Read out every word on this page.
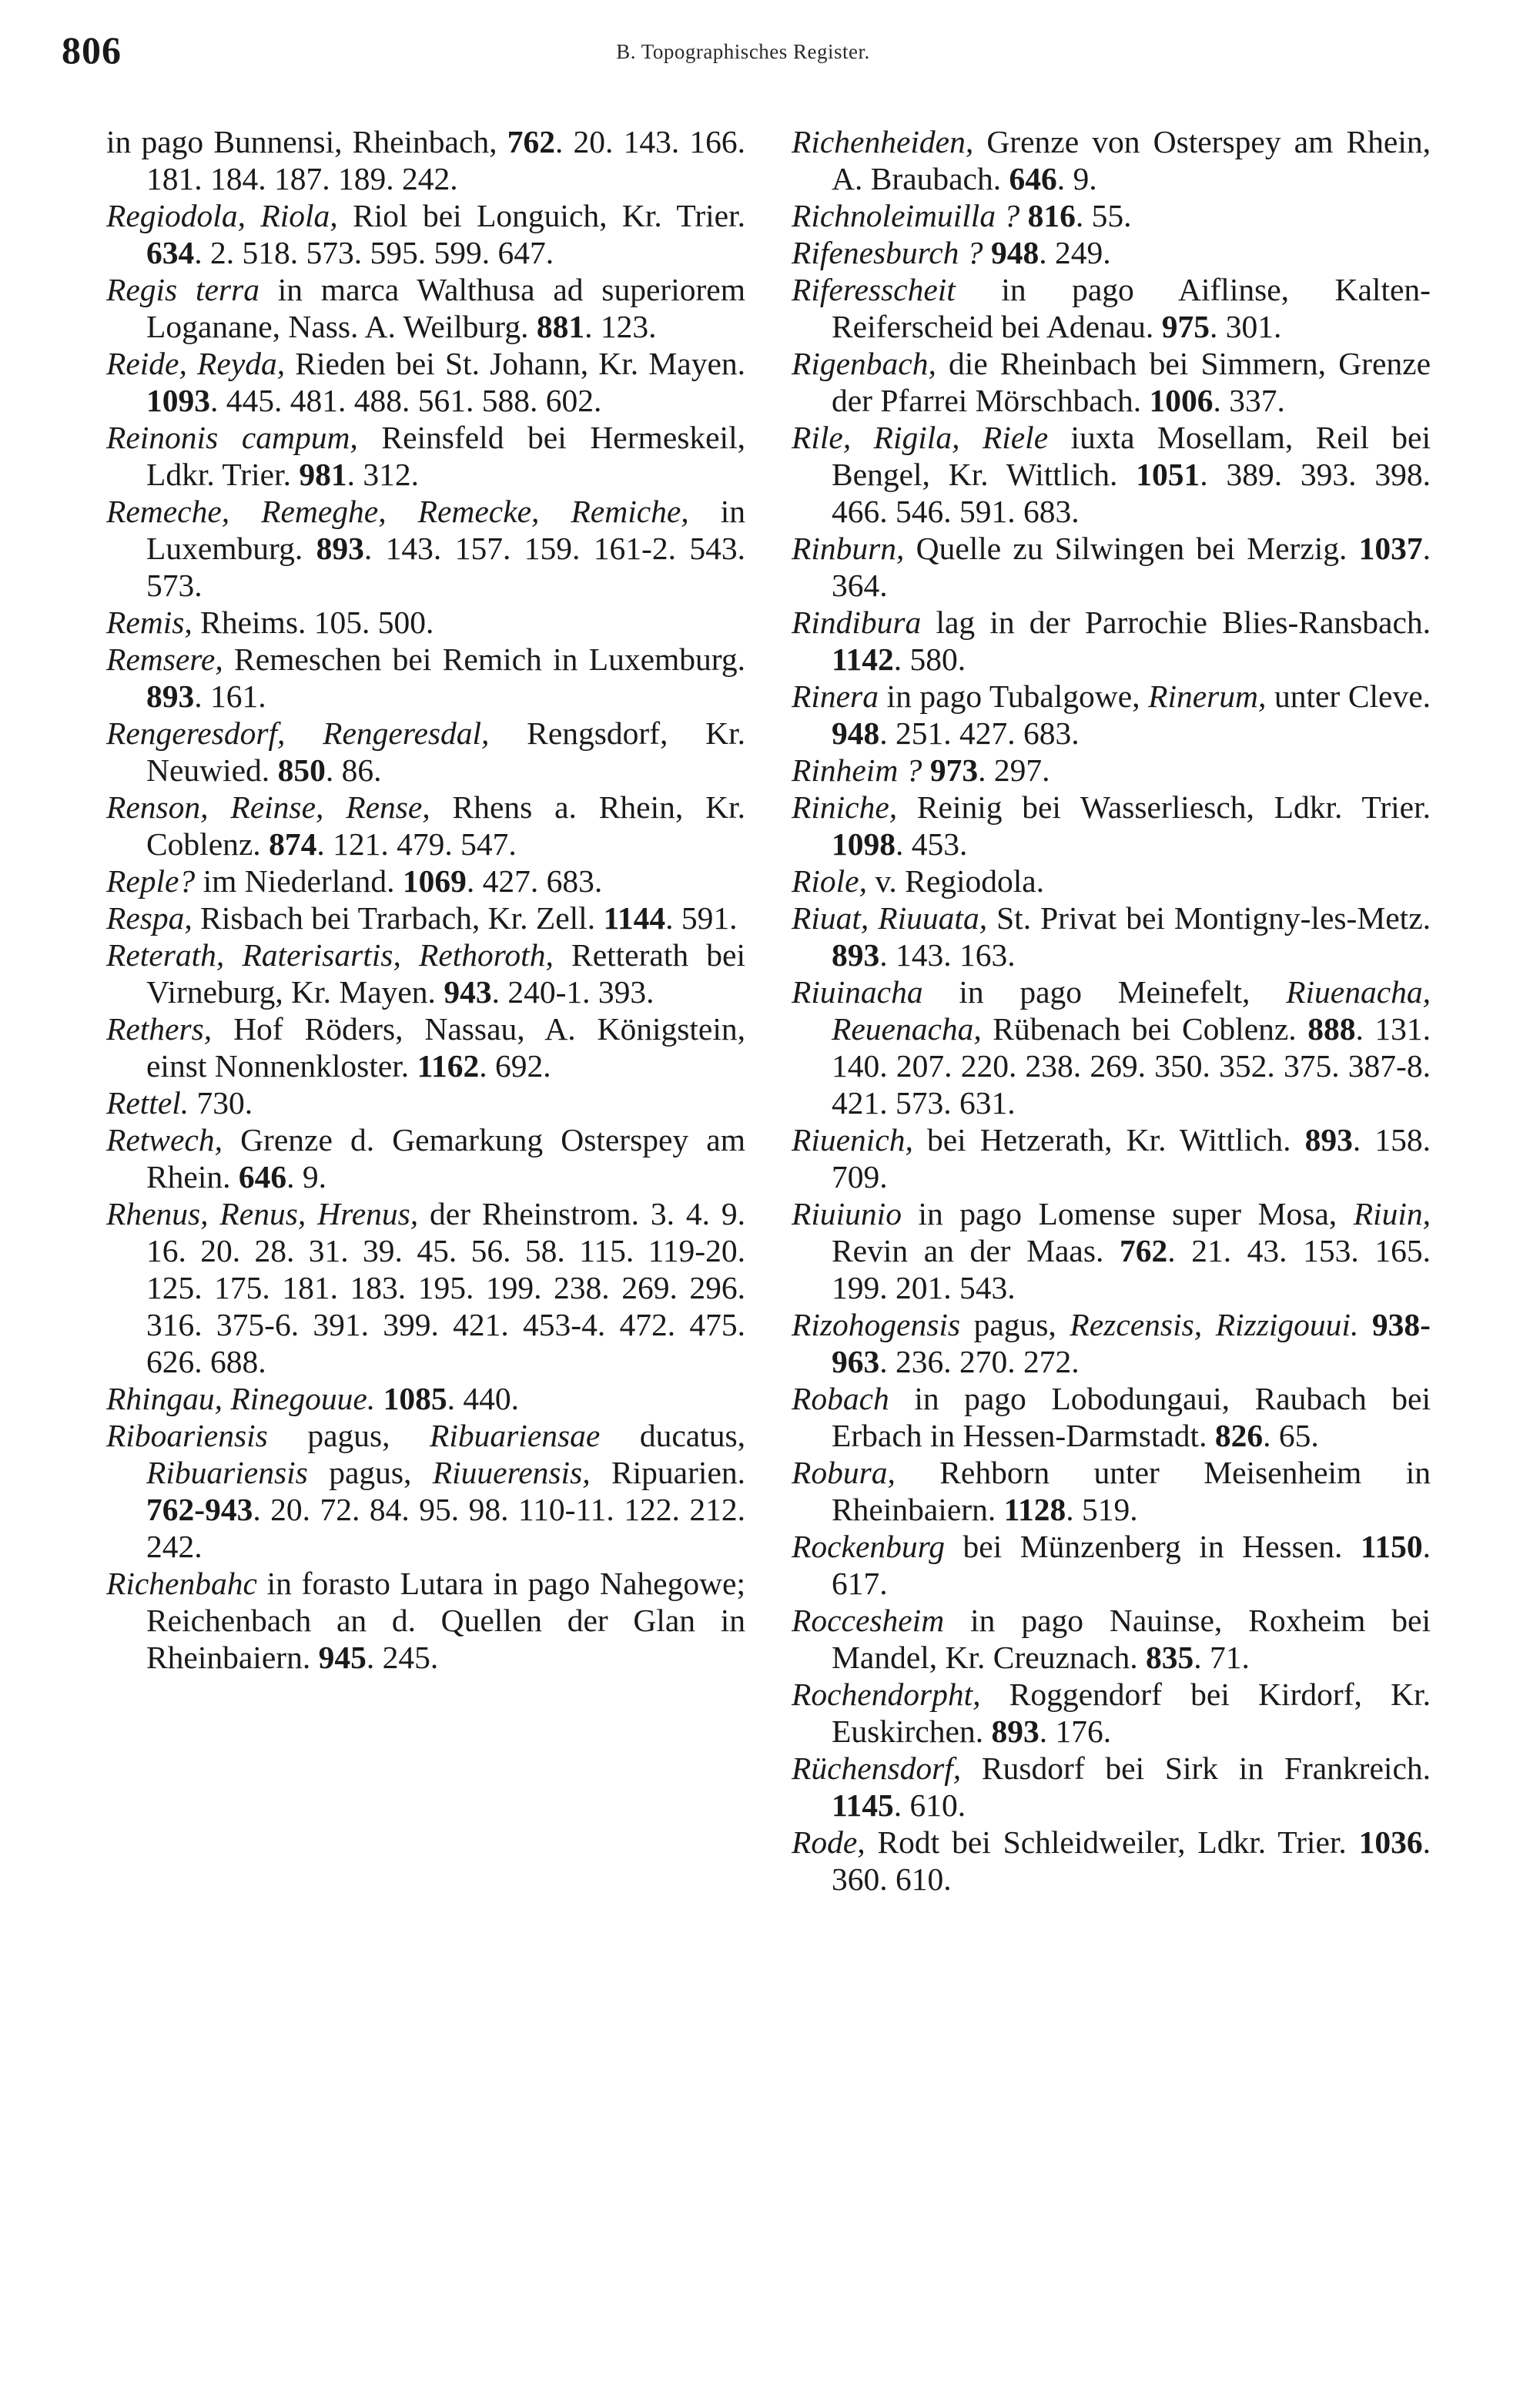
806	B. Topographisches Register.

in pago Bunnensi, Rheinbach, 762. 20. 143. 166. 181. 184. 187. 189. 242.

Regiodola, Riola, Riol bei Longuich, Kr. Trier. 634. 2. 518. 573. 595. 599. 647.

Regis terra in marca Walthusa ad superiorem Loganane, Nass. A. Weilburg. 881. 123.

Reide, Reyda, Rieden bei St. Johann, Kr. Mayen. 1093. 445. 481. 488. 561. 588. 602.

Reinonis campum, Reinsfeld bei Hermeskeil, Ldkr. Trier. 981. 312.

Remeche, Remeghe, Remecke, Remiche, in Luxemburg. 893. 143. 157. 159. 161-2. 543. 573.

Remis, Rheims. 105. 500.

Remsere, Remeschen bei Remich in Luxemburg. 893. 161.

Rengeresdorf, Rengeresdal, Rengsdorf, Kr. Neuwied. 850. 86.

Renson, Reinse, Rense, Rhens a. Rhein, Kr. Coblenz. 874. 121. 479. 547.

Reple? im Niederland. 1069. 427. 683.

Respa, Risbach bei Trarbach, Kr. Zell. 1144. 591.

Reterath, Raterisartis, Rethoroth, Retterath bei Virneburg, Kr. Mayen. 943. 240-1. 393.

Rethers, Hof Röders, Nassau, A. Königstein, einst Nonnenkloster. 1162. 692.

Rettel. 730.

Retwech, Grenze d. Gemarkung Osterspey am Rhein. 646. 9.

Rhenus, Renus, Hrenus, der Rheinstrom. 3. 4. 9. 16. 20. 28. 31. 39. 45. 56. 58. 115. 119-20. 125. 175. 181. 183. 195. 199. 238. 269. 296. 316. 375-6. 391. 399. 421. 453-4. 472. 475. 626. 688.

Rhingau, Rinegouue. 1085. 440.

Riboariensis pagus, Ribuariensae ducatus, Ribuariensis pagus, Riuuerensis, Ripuarien. 762-943. 20. 72. 84. 95. 98. 110-11. 122. 212. 242.

Richenbahc in forasto Lutara in pago Nahegowe; Reichenbach an d. Quellen der Glan in Rheinbaiern. 945. 245.

Richenheiden, Grenze von Osterspey am Rhein, A. Braubach. 646. 9.

Richnoleimuilla ? 816. 55.

Rifenesburch ? 948. 249.

Riferesscheit in pago Aiflinse, Kalten-Reiferscheid bei Adenau. 975. 301.

Rigenbach, die Rheinbach bei Simmern, Grenze der Pfarrei Mörschbach. 1006. 337.

Rile, Rigila, Riele iuxta Mosellam, Reil bei Bengel, Kr. Wittlich. 1051. 389. 393. 398. 466. 546. 591. 683.

Rinburn, Quelle zu Silwingen bei Merzig. 1037. 364.

Rindibura lag in der Parrochie Blies-Ransbach. 1142. 580.

Rinera in pago Tubalgowe, Rinerum, unter Cleve. 948. 251. 427. 683.

Rinheim ? 973. 297.

Riniche, Reinig bei Wasserliesch, Ldkr. Trier. 1098. 453.

Riole, v. Regiodola.

Riuat, Riuuata, St. Privat bei Montigny-les-Metz. 893. 143. 163.

Riuinacha in pago Meinefelt, Riuenacha, Reuenacha, Rübenach bei Coblenz. 888. 131. 140. 207. 220. 238. 269. 350. 352. 375. 387-8. 421. 573. 631.

Riuenich, bei Hetzerath, Kr. Wittlich. 893. 158. 709.

Riuiunio in pago Lomense super Mosa, Riuin, Revin an der Maas. 762. 21. 43. 153. 165. 199. 201. 543.

Rizohogensis pagus, Rezcensis, Rizzigouui. 938-963. 236. 270. 272.

Robach in pago Lobodungaui, Raubach bei Erbach in Hessen-Darmstadt. 826. 65.

Robura, Rehborn unter Meisenheim in Rheinbaiern. 1128. 519.

Rockenburg bei Münzenberg in Hessen. 1150. 617.

Roccesheim in pago Nauinse, Roxheim bei Mandel, Kr. Creuznach. 835. 71.

Rochendorpht, Roggendorf bei Kirdorf, Kr. Euskirchen. 893. 176.

Rüchensdorf, Rusdorf bei Sirk in Frankreich. 1145. 610.

Rode, Rodt bei Schleidweiler, Ldkr. Trier. 1036. 360. 610.
